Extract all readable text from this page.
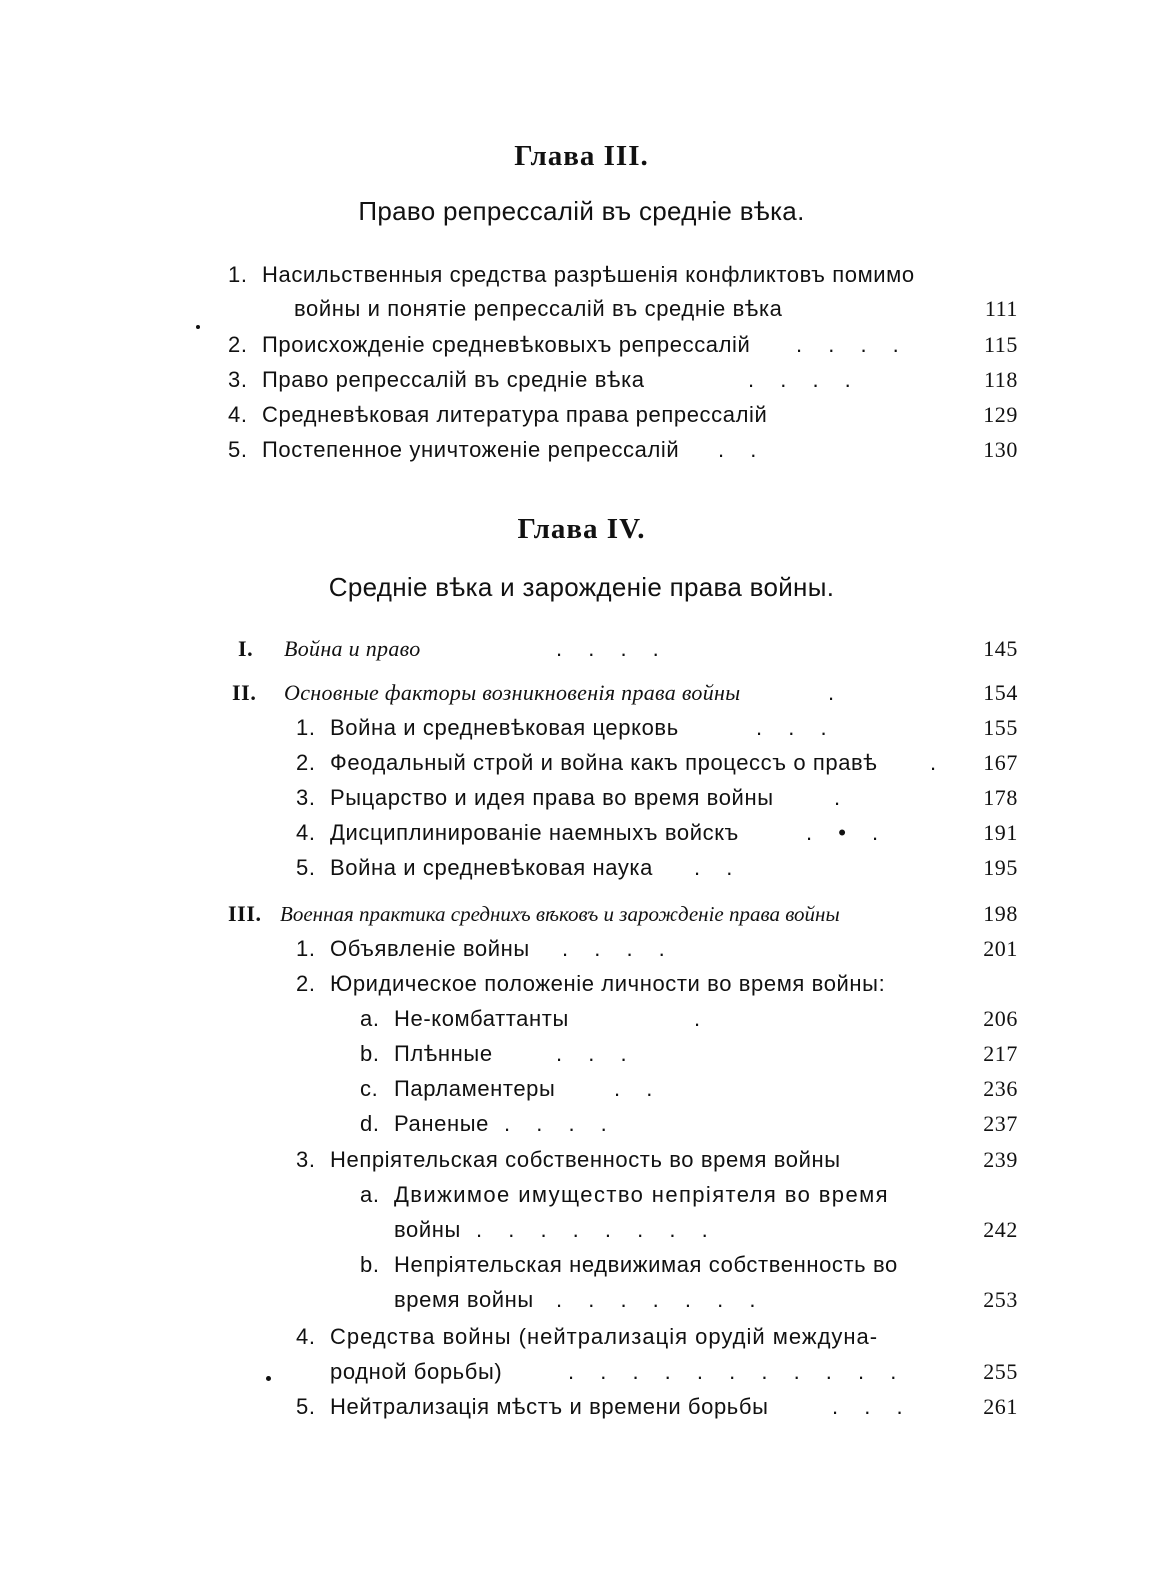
Глава III.
Право репрессалій въ средніе вѣка.
1. Насильственныя средства разрѣшенія конфликтовъ помимо
войны и понятіе репрессалій въ средніе вѣка	111
2. Происхожденіе средневѣковыхъ репрессалій . . . .	115
3. Право репрессалій въ средніе вѣка	. . . .	118
4. Средневѣковая литература права репрессалій	129
5. Постепенное уничтоженіе репрессалій . .	130
Глава IV.
Средніе вѣка и зарожденіе права войны.
I. Война и право	. . . .	145
II. Основные факторы возникновенія права войны	.	154
1. Война и средневѣковая церковь	. . .	155
2. Феодальный строй и война какъ процессъ о правѣ . 167
3. Рыцарство и идея права во время войны	.	178
4. Дисциплинированіе наемныхъ войскъ	. • .	191
5. Война и средневѣковая наука . .	195
III. Военная практика среднихъ вѣковъ и зарожденіе права войны	198
1. Объявленіе войны . . . .	201
2. Юридическое положеніе личности во время войны:
a. Не-комбаттанты	.	206
b. Плѣнные	. . .	217
c. Парламентеры	. .	236
d. Раненые . . . .	237
3. Непріятельская собственность во время войны	239
a. Движимое имущество непріятеля во время
войны . . . . . . . .	242
b. Непріятельская недвижимая собственность во
время войны . . . . . . .	253
4. Средства войны (нейтрализація орудій междуна-
родной борьбы)	. . . . . . . . . . .	255
5. Нейтрализація мѣстъ и времени борьбы	. . .	261
